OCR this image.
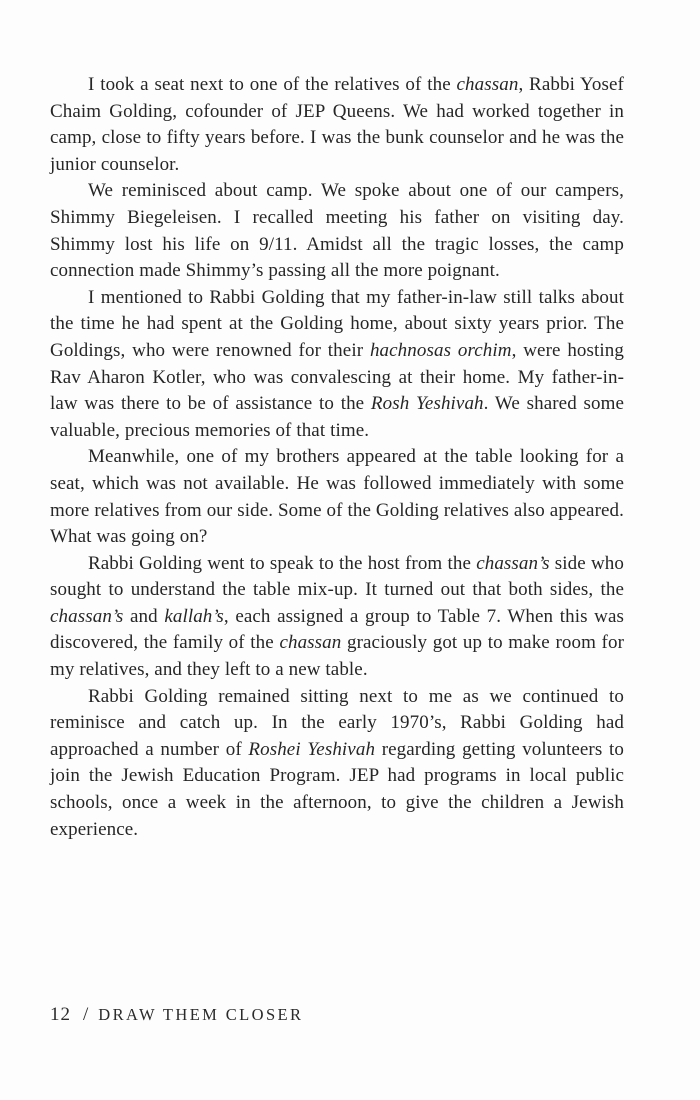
I took a seat next to one of the relatives of the chassan, Rabbi Yosef Chaim Golding, cofounder of JEP Queens. We had worked together in camp, close to fifty years before. I was the bunk counselor and he was the junior counselor.

We reminisced about camp. We spoke about one of our campers, Shimmy Biegeleisen. I recalled meeting his father on visiting day. Shimmy lost his life on 9/11. Amidst all the tragic losses, the camp connection made Shimmy’s passing all the more poignant.

I mentioned to Rabbi Golding that my father-in-law still talks about the time he had spent at the Golding home, about sixty years prior. The Goldings, who were renowned for their hachnosas orchim, were hosting Rav Aharon Kotler, who was convalescing at their home. My father-in-law was there to be of assistance to the Rosh Yeshivah. We shared some valuable, precious memories of that time.

Meanwhile, one of my brothers appeared at the table looking for a seat, which was not available. He was followed immediately with some more relatives from our side. Some of the Golding relatives also appeared. What was going on?

Rabbi Golding went to speak to the host from the chassan’s side who sought to understand the table mix-up. It turned out that both sides, the chassan’s and kallah’s, each assigned a group to Table 7. When this was discovered, the family of the chassan graciously got up to make room for my relatives, and they left to a new table.

Rabbi Golding remained sitting next to me as we continued to reminisce and catch up. In the early 1970’s, Rabbi Golding had approached a number of Roshei Yeshivah regarding getting volunteers to join the Jewish Education Program. JEP had programs in local public schools, once a week in the afternoon, to give the children a Jewish experience.

12 / DRAW THEM CLOSER
